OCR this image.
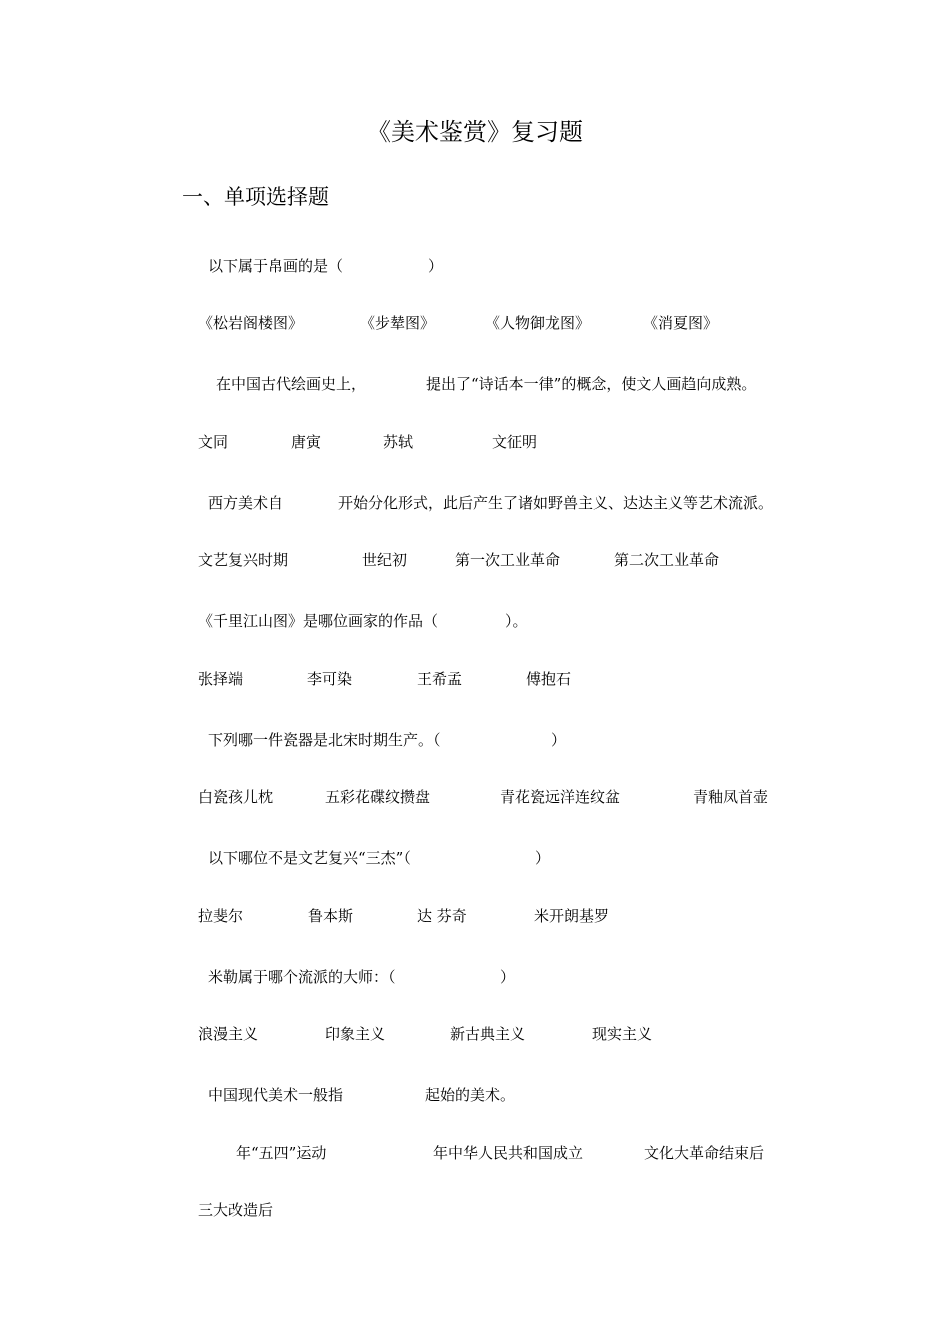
《美术鉴赏》复习题
一、单项选择题
以下属于帛画的是（	）
《松岩阁楼图》	《步辇图》	《人物御龙图》	《消夏图》
在中国古代绘画史上，	提出了“诗话本一律”的概念，使文人画趋向成熟。
文同	唐寅	苏轼	文征明
西方美术自	开始分化形式，此后产生了诸如野兽主义、达达主义等艺术流派。
文艺复兴时期	世纪初	第一次工业革命	第二次工业革命
《千里江山图》是哪位画家的作品（	）。
张择端	李可染	王希孟	傅抱石
下列哪一件瓷器是北宋时期生产。（	）
白瓷孩儿枕	五彩花碟纹攒盘	青花瓷远洋连纹盆	青釉凤首壶
以下哪位不是文艺复兴“三杰”（	）
拉斐尔	鲁本斯	达 芬奇	米开朗基罗
米勒属于哪个流派的大师：（	）
浪漫主义	印象主义	新古典主义	现实主义
中国现代美术一般指	起始的美术。
年“五四”运动	年中华人民共和国成立	文化大革命结束后
三大改造后
